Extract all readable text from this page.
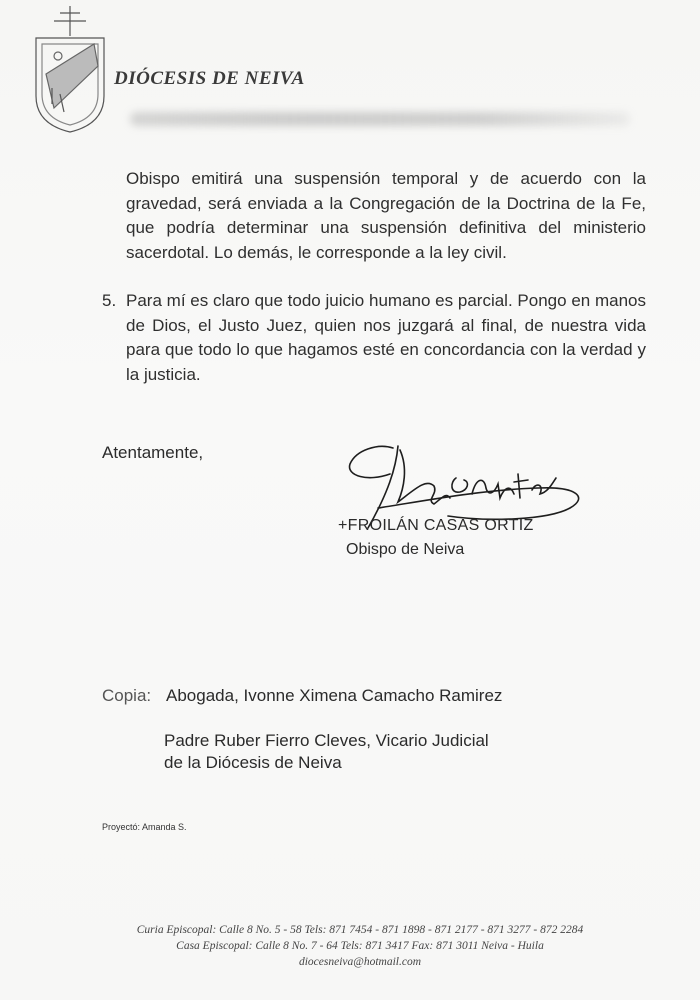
DIÓCESIS DE NEIVA
Obispo emitirá una suspensión temporal y de acuerdo con la gravedad, será enviada a la Congregación de la Doctrina de la Fe, que podría determinar una suspensión definitiva del ministerio sacerdotal. Lo demás, le corresponde a la ley civil.
5. Para mí es claro que todo juicio humano es parcial. Pongo en manos de Dios, el Justo Juez, quien nos juzgará al final, de nuestra vida para que todo lo que hagamos esté en concordancia con la verdad y la justicia.
Atentamente,
+FROILÁN CASAS ORTIZ
Obispo de Neiva
Copia: Abogada, Ivonne Ximena Camacho Ramirez
Padre Ruber Fierro Cleves, Vicario Judicial
de la Diócesis de Neiva
Proyectó: Amanda S.
Curia Episcopal: Calle 8 No. 5 - 58 Tels: 871 7454 - 871 1898 - 871 2177 - 871 3277 - 872 2284
Casa Episcopal: Calle 8 No. 7 - 64 Tels: 871 3417 Fax: 871 3011 Neiva - Huila
diocesneiva@hotmail.com
